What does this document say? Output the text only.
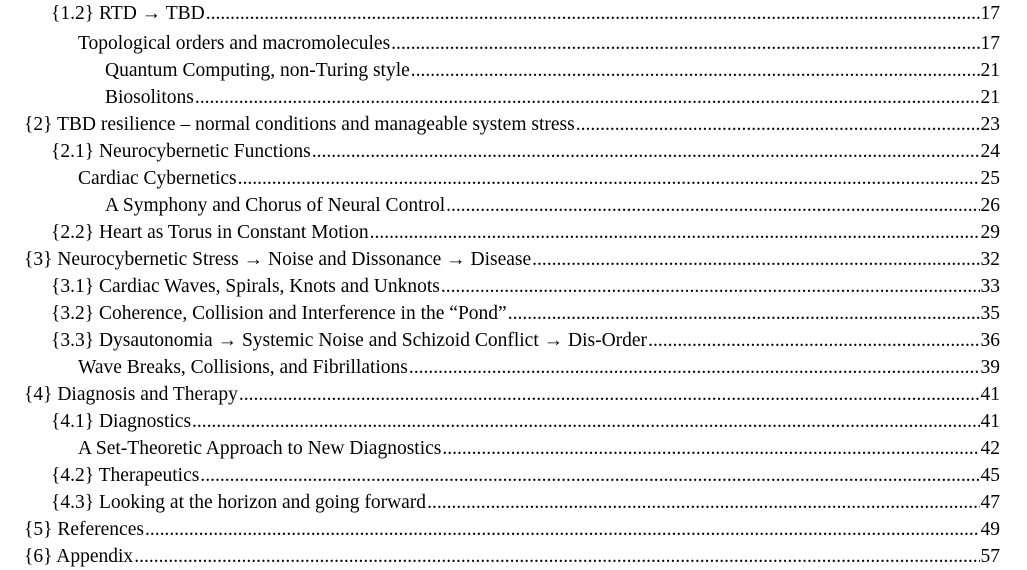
{1.2} RTD → TBD .....	17
Topological orders and macromolecules .....	17
Quantum Computing, non-Turing style .....	21
Biosolitons .....	21
{2} TBD resilience – normal conditions and manageable system stress .....	23
{2.1} Neurocybernetic Functions .....	24
Cardiac Cybernetics .....	25
A Symphony and Chorus of Neural Control .....	26
{2.2} Heart as Torus in Constant Motion .....	29
{3} Neurocybernetic Stress → Noise and Dissonance → Disease .....	32
{3.1} Cardiac Waves, Spirals, Knots and Unknots .....	33
{3.2} Coherence, Collision and Interference in the “Pond” .....	35
{3.3} Dysautonomia → Systemic Noise and Schizoid Conflict → Dis-Order .....	36
Wave Breaks, Collisions, and Fibrillations .....	39
{4} Diagnosis and Therapy .....	41
{4.1} Diagnostics .....	41
A Set-Theoretic Approach to New Diagnostics .....	42
{4.2} Therapeutics .....	45
{4.3} Looking at the horizon and going forward .....	47
{5} References .....	49
{6} Appendix .....	57
